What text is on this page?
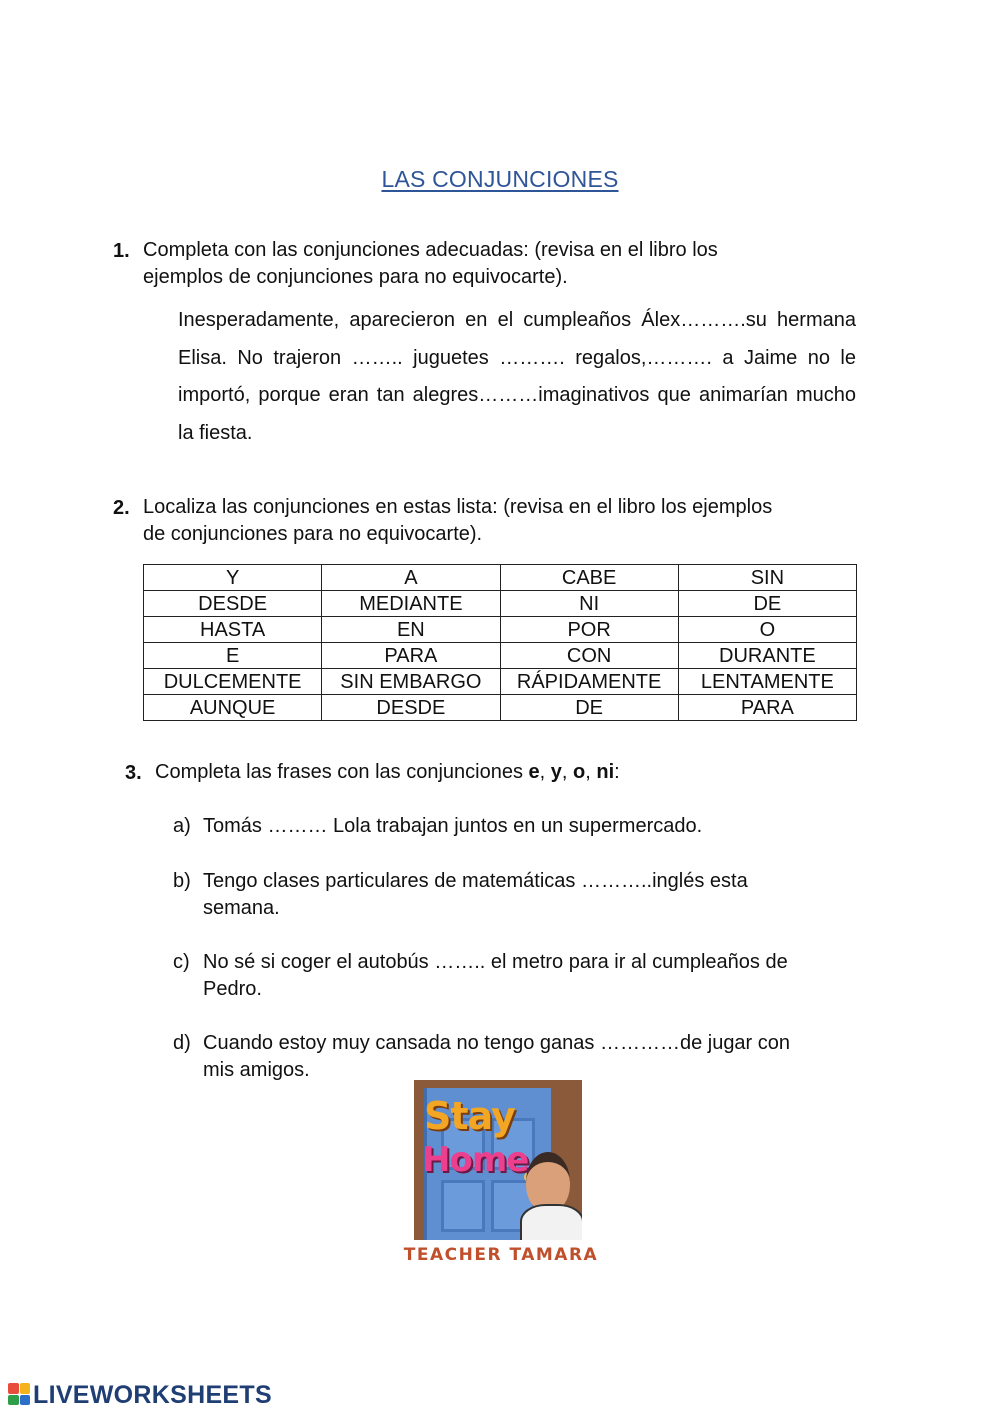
LAS CONJUNCIONES
1. Completa con las conjunciones adecuadas: (revisa en el libro los
ejemplos de conjunciones para no equivocarte).
Inesperadamente, aparecieron en el cumpleaños Álex……….su hermana Elisa. No trajeron …….. juguetes ………. regalos,………. a Jaime no le importó, porque eran tan alegres………imaginativos que animarían mucho la fiesta.
2. Localiza las conjunciones en estas lista: (revisa en el libro los ejemplos
de conjunciones para no equivocarte).
Y	A	CABE	SIN
DESDE	MEDIANTE	NI	DE
HASTA	EN	POR	O
E	PARA	CON	DURANTE
DULCEMENTE	SIN EMBARGO	RÁPIDAMENTE	LENTAMENTE
AUNQUE	DESDE	DE	PARA
3. Completa las frases con las conjunciones e, y, o, ni:
a) Tomás ……… Lola trabajan juntos en un supermercado.
b) Tengo clases particulares de matemáticas ………..inglés esta
semana.
c) No sé si coger el autobús …….. el metro para ir al cumpleaños de
Pedro.
d) Cuando estoy muy cansada no tengo ganas …………de jugar con
mis amigos.
Stay
Home
TEACHER TAMARA
LIVEWORKSHEETS
